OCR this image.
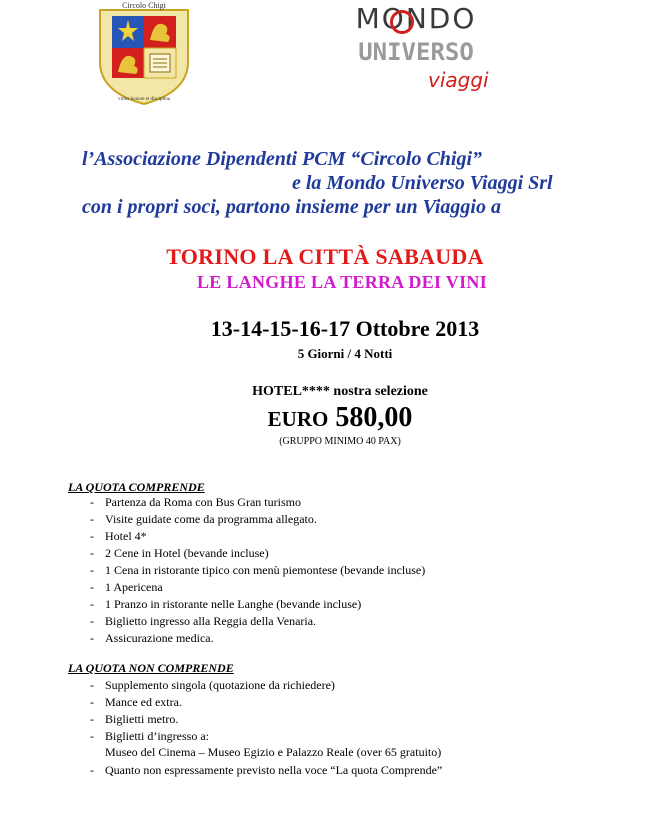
Circolo Chigi
virtus honore et disciplina
MONDO
UNIVERSO
viaggi
l’Associazione Dipendenti PCM “Circolo Chigi”
e la Mondo Universo Viaggi Srl
con i propri soci, partono insieme per un Viaggio a
TORINO LA CITTÀ SABAUDA
LE LANGHE LA TERRA DEI VINI
13-14-15-16-17 Ottobre 2013
5 Giorni / 4 Notti
HOTEL**** nostra selezione
EURO 580,00
(GRUPPO MINIMO 40 PAX)
LA QUOTA COMPRENDE
- Partenza da Roma con Bus Gran turismo
- Visite guidate come da programma allegato.
- Hotel 4*
- 2 Cene in Hotel (bevande incluse)
- 1 Cena in ristorante tipico con menù piemontese (bevande incluse)
- 1 Apericena
- 1 Pranzo in ristorante nelle Langhe (bevande incluse)
- Biglietto ingresso alla Reggia della Venaria.
- Assicurazione medica.
LA QUOTA NON COMPRENDE
- Supplemento singola (quotazione da richiedere)
- Mance ed extra.
- Biglietti metro.
- Biglietti d’ingresso a:
Museo del Cinema – Museo Egizio e Palazzo Reale (over 65 gratuito)
- Quanto non espressamente previsto nella voce “La quota Comprende”
